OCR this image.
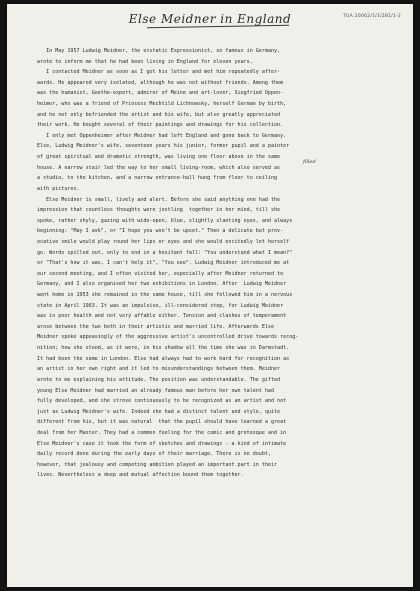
Else Meidner in England	TGA 20062/1/1/281/1-2
filled
In May 1957 Ludwig Meidner, the ecstatic Expressionist, so famous in Germany,
wrote to inform me that he had been living in England for eleven years.
I contacted Meidner as soon as I got his letter and met him repeatedly after-
wards. He appeared very isolated, although he was not without friends. Among them
was the humanist, Goethe-expert, admirer of Meine and art-lover, Siegfried Oppen-
heimer, who was a friend of Princess Mechtild Lichnowsky, herself German by birth,
and he not only befriended the artist and his wife, but also greatly appreciated
their work. He bought several of their paintings and drawings for his collection.
I only met Oppenheimer after Meidner had left England and gone back to Germany.
Else, Ludwig Meidner's wife, seventeen years his junior, former pupil and a painter
of great spiritual and dramatic strength, was living one floor above in the same
house. A narrow stair led the way to her small living-room, which also served as
a studio, to the kitchen, and a narrow entrance-hall hung from floor to ceiling
with pictures.
Else Meidner is small, lively and alert. Before she said anything one had the
impression that countless thoughts were jostling  together in her mind, till she
spoke, rather shyly, gazing with wide-open, blue, slightly slanting eyes, and always
beginning: "May I ask", or "I hope you won't be upset." Then a delicate but prov-
ocative smile would play round her lips or eyes and she would excitedly let herself
go. Words spilled out, only to end in a hesitant fall: "You understand what I mean?"
or "That's how it was, I can't help it", "You see". Ludwig Meidner introduced me at
our second meeting, and I often visited her, especially after Meidner returned to
Germany, and I also organised her two exhibitions in London. After  Ludwig Meidner
went home in 1953 she remained in the same house, till she followed him in a nervous
state in April 1963. It was an impulsive, ill-considered step, for Ludwig Meidner
was in poor health and not very affable either. Tension and clashes of temperament
arose between the two both in their artistic and married life. Afterwards Else
Meidner spoke appeasingly of the aggressive artist's uncontrolled drive towards recog-
nition; how she stood, as it were, in his shadow all the time she was in Darmstadt.
It had been the same in London. Else had always had to work hard for recognition as
an artist in her own right and it led to misunderstandings between them. Meidner
wrote to me explaining his attitude. The position was understandable. The gifted
young Else Meidner had married an already famous man before her own talent had
fully developed, and she strove continuously to be recognized as an artist and not
just as Ludwig Meidner's wife. Indeed she had a distinct talent and style, quite
different from his, but it was natural  that the pupil should have learned a great
deal from her Master. They had a common feeling for the comic and grotesque and in
Else Meidner's case it took the form of sketches and drawings - a kind of intimate
daily record done during the early days of their marriage. There is no doubt,
however, that jealousy and competing ambition played an important part in their
lives. Nevertheless a deep and mutual affection bound them together.
